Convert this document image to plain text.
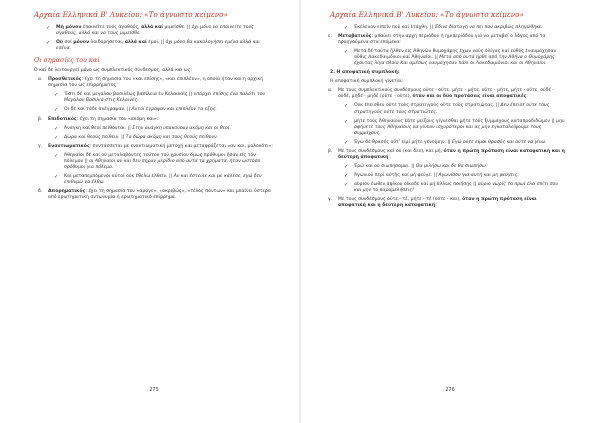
Αρχαία Ελληνικά Β' Λυκείου: «Το άγνωστο κείμενο»

✓ Μή μόνον έπαινεῖτε τούς ἀγαθούς, ἀλλά καί μιμεῖσθε. || όχι μόνο να επαινείτε τους αγαθούς, αλλά και να τους μιμείσθε.

✓ Οὐ σοί μόνον λοιδορήσεται, ἀλλά καί ἐμοί. || όχι μόνο θα κακολογήσει εμένα αλλά και εσένα.

Οι σημασίες του καί

Ο καί δε λειτουργεί μόνο ως συμπλεκτικός σύνδεσμος, αλλά και ως:

α. Προσθετικός: έχει τη σημασία του «και επίσης», «και επιπλέον», η οποία ήταν και η αρχική σημασία του ως επιρρήματος:

✓ Ἔστι δέ καί μεγάλου βασιλέως βασίλεια ἐν Κελαιναῖς || υπάρχει επίσης ένα παλάτι του Μεγάλου Βασιλιά στις Κελαινές.

✓ Οἱ δέ καί τάδε ἀνέγραψαν. || Αυτοί έγραψαν και επιπλέον τα εξής.

β. Επιδοτικός: έχει τη σημασία του «ακόμη και»:

✓ Ἀνάγκη καί θεοί πείθονται. || Στην ανάγκη υπακούουν ακόμη και οι θεοί.

✓ Δῶρα καί θεούς πείθειν. || Τα δώρα ακόμη και τους θεούς πείθουν.

γ. Εναντιωματικός: συντάσσεται με εναντιωματική μετοχή και μεταφράζεται «αν και, μολονότι»:

✓ Ἀθηναῖοι δέ καί οὐ μεταλαβόντες τούτου τοῦ χρυσίου ὅμως πρόθυμοι ἦσαν εἰς τόν πόλεμον || οι Αθηναίοι αν και δεν πήραν μερίδιο από αυτά τα χρήματα, ήταν ωστόσο πρόθυμοι για πόλεμο.

✓ Καί μεταπεμπόμενοι αὐτοί οὐκ ἔθελω ἐλθεῖν. || Αν και έστειλε και με κάλεσε, εγώ δεν επιθυμώ να έλθω.

δ. Απορηματικός: έχει τη σημασία του «άραγε», «ακριβώς», «τέλος πάντων» και μπαίνει ύστερα από ερωτηματική αντωνυμία ή ερωτηματικό επίρρημα.

275
Αρχαία Ελληνικά Β' Λυκείου: «Το άγνωστο κείμενο»

✓ Ἐκέλευον εἰπεῖν ποῦ καί ἐτάχθη. || Έδινε διαταγή να πει πού ακριβώς πληγώθηκε.

ε. Μεταβατικός: μπαίνει στην αρχή περιόδου ή ημιπεριόδου για να μεταβεί ο λόγος από τα προηγούμενα στα επόμενα:

✓ Μετά δέ ταῦτα ἦλθεν εἰς Ἀθηνῶν θυμοχάρης ἔχων ναῦς ὀλίγας καί εὐθύς ἐναυμάχησαν αὖθις Λακεδαιμόνιοι καί Ἀθηναῖοι. || Μετά από αυτά ήρθε από την Αθήνα ο Θυμοχάρης έχοντας λίγα πλοία Και αμέσως ναυμάχησαν πάλι οι Λακεδαιμόνιοι και οι Αθηναίοι.

2. Η αποφατική συμπλοκή:

Η αποφατική συμπλοκή γίνεται:

α. Με τους συμπλεκτικούς συνδέσμους οὔτε - οὔτε, μήτε - μήτε, οὔτε - μήτε, μήτε - οὔτε, οὐδέ - οὐδέ, μηδέ - μηδέ (οὔτε - οὔτε), όταν και οι δύο προτάσεις είναι αποφατικές:

✓ Οὐκ ἔπεισθεν οὔτε τοὺς στρατηγοὺς οὔτε τοὺς στρατιώτας. || Δεν έπεισε ούτε τους στρατηγούς ούτε τους στρατιώτες.

✓ μήτε τούς Ἀθηναίους ἐᾶτε μείζους γίγνεσθαι μήτε τούς ξυμμάχους καταπροδιδῶμεν || μην αφήνετε τους Αθηναίους να γίνουν ισχυρότεροι και ας μην εγκαταλείψουμε τους συμμάχους.

✓ Ἐγώ δέ θρασύς οὔτ' εἰμί μήτε γενοίμην. || Εγώ ούτε είμαι θρασύς και ούτε να γίνω.

β. Με τους συνδέσμους καί οὐ (και δεν), καί μή, όταν η πρώτη πρόταση είναι καταφατική και η δεύτερη αποφατική:

✓ Ἐρῶ καί οὐ σιωπήσομαι. || Θα μιλήσω και δε θα σιωπήσω.

✓ Ἀγωνιοῦ περί αὐτῆς καί μή φεῦγε. || Αγωνίσου για αυτή και μη φεύγεις.

✓ αὔριον ἔωθεν ἀφίκου οἴκαδε καί μή ἄλλως ποιήσῃς || αύριο νωρίς το πρωί έλα σπίτι σου και μην το παραμελήσεις!

γ. Με τους συνδέσμους οὔτε - τέ, μήτε - τέ (ούτε - και), όταν η πρώτη πρόταση είναι αποφατική και η δεύτερη καταφατική:

276
